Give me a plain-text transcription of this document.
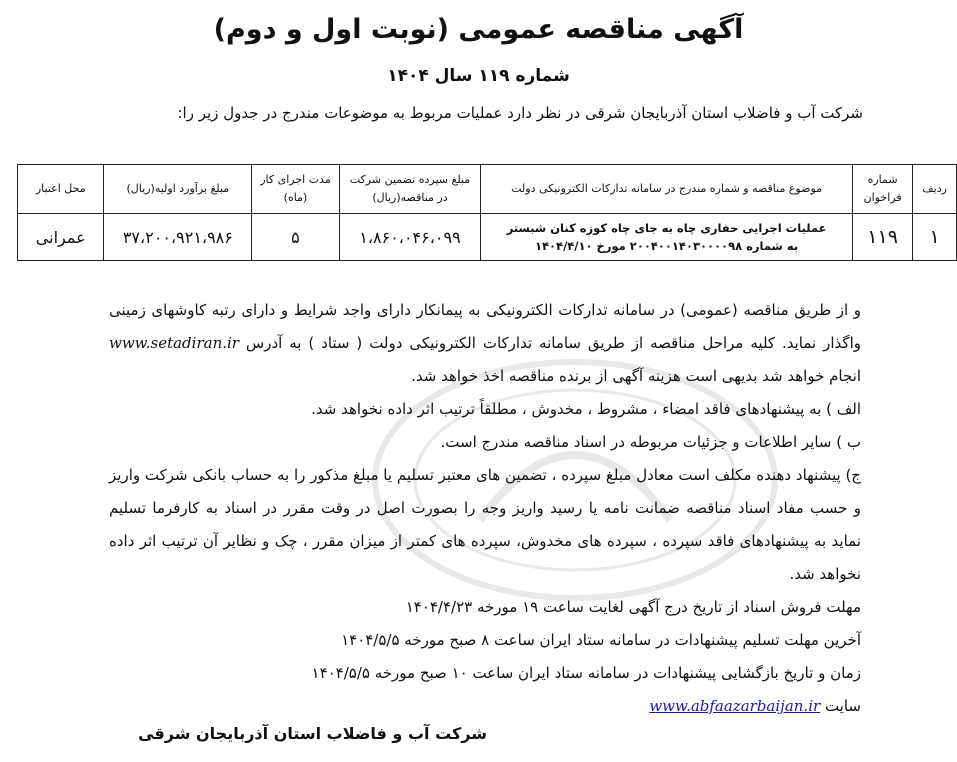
آگهی مناقصه عمومی (نوبت اول و دوم)
شماره ۱۱۹ سال ۱۴۰۴
شرکت آب و فاضلاب استان آذربایجان شرقی در نظر دارد عملیات مربوط به موضوعات مندرج در جدول زیر را:
ردیف	شماره فراخوان	موضوع مناقصه و شماره مندرج در سامانه تدارکات الکترونیکی دولت	مبلغ سپرده تضمین شرکت در مناقصه(ریال)	مدت اجرای کار (ماه)	مبلغ برآورد اولیه(ریال)	محل اعتبار
۱	۱۱۹	عملیات اجرایی حفاری چاه به جای چاه کوزه کنان شبستر
به شماره ۲۰۰۴۰۰۱۴۰۳۰۰۰۰۹۸ مورخ ۱۴۰۴/۴/۱۰	۱،۸۶۰،۰۴۶،۰۹۹	۵	۳۷،۲۰۰،۹۲۱،۹۸۶	عمرانی

و از طریق مناقصه (عمومی) در سامانه تدارکات الکترونیکی به پیمانکار دارای واجد شرایط و دارای رتبه کاوشهای زمینی واگذار نماید. کلیه مراحل مناقصه از طریق سامانه تدارکات الکترونیکی دولت ( ستاد ) به آدرس www.setadiran.ir انجام خواهد شد بدیهی است هزینه آگهی از برنده مناقصه اخذ خواهد شد.

الف ) به پیشنهادهای فاقد امضاء ، مشروط ، مخدوش ، مطلقاً ترتیب اثر داده نخواهد شد.

ب ) سایر اطلاعات و جزئیات مربوطه در اسناد مناقصه مندرج است.

ج) پیشنهاد دهنده مکلف است معادل مبلغ سپرده ، تضمین های معتبر تسلیم یا مبلغ مذکور را به حساب بانکی شرکت واریز و حسب مفاد اسناد مناقصه ضمانت نامه یا رسید واریز وجه را بصورت اصل در وقت مقرر در اسناد به کارفرما تسلیم نماید به پیشنهادهای فاقد سپرده ، سپرده های مخدوش، سپرده های کمتر از میزان مقرر ، چک و نظایر آن ترتیب اثر داده نخواهد شد.

مهلت فروش اسناد از تاریخ درج آگهی لغایت ساعت ۱۹ مورخه ۱۴۰۴/۴/۲۳

آخرین مهلت تسلیم پیشنهادات در سامانه ستاد ایران ساعت ۸ صبح مورخه ۱۴۰۴/۵/۵

زمان و تاریخ بازگشایی پیشنهادات در سامانه ستاد ایران ساعت ۱۰ صبح مورخه ۱۴۰۴/۵/۵

سایت www.abfaazarbaijan.ir

شرکت آب و فاضلاب استان آذربایجان شرقی
